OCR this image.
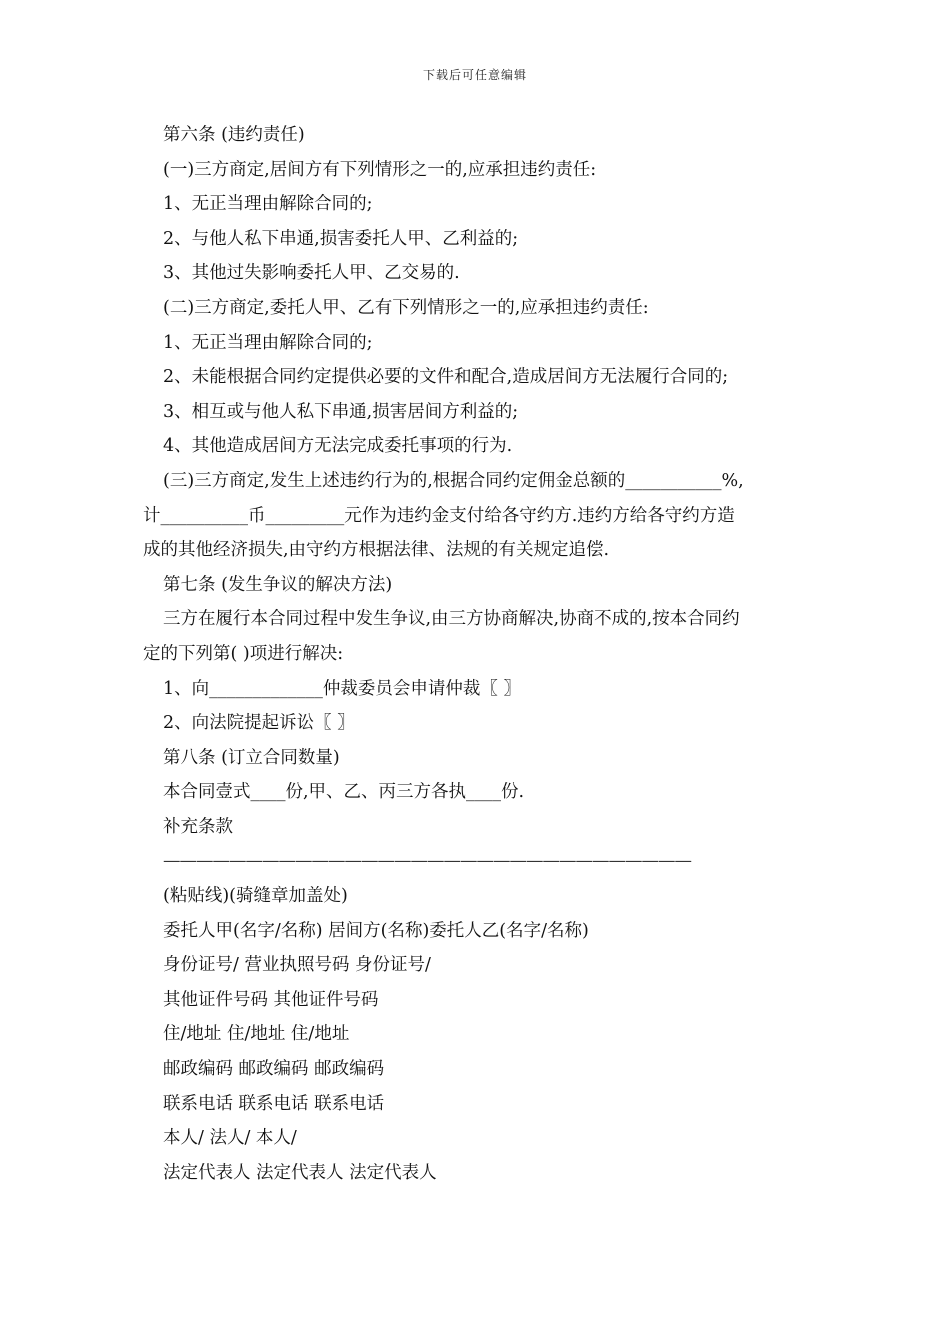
下载后可任意编辑
第六条 (违约责任)
(一)三方商定,居间方有下列情形之一的,应承担违约责任:
1、无正当理由解除合同的;
2、与他人私下串通,损害委托人甲、乙利益的;
3、其他过失影响委托人甲、乙交易的.
(二)三方商定,委托人甲、乙有下列情形之一的,应承担违约责任:
1、无正当理由解除合同的;
2、未能根据合同约定提供必要的文件和配合,造成居间方无法履行合同的;
3、相互或与他人私下串通,损害居间方利益的;
4、其他造成居间方无法完成委托事项的行为.
(三)三方商定,发生上述违约行为的,根据合同约定佣金总额的___________%,
计__________币_________元作为违约金支付给各守约方.违约方给各守约方造
成的其他经济损失,由守约方根据法律、法规的有关规定追偿.
第七条 (发生争议的解决方法)
三方在履行本合同过程中发生争议,由三方协商解决,协商不成的,按本合同约
定的下列第( )项进行解决:
1、向_____________仲裁委员会申请仲裁〖 〗
2、向法院提起诉讼〖 〗
第八条 (订立合同数量)
本合同壹式____份,甲、乙、丙三方各执____份.
补充条款
————————————————————————————————
(粘贴线)(骑缝章加盖处)
委托人甲(名字/名称) 居间方(名称)委托人乙(名字/名称)
身份证号/ 营业执照号码 身份证号/
其他证件号码 其他证件号码
住/地址 住/地址 住/地址
邮政编码 邮政编码 邮政编码
联系电话 联系电话 联系电话
本人/ 法人/ 本人/
法定代表人 法定代表人 法定代表人
